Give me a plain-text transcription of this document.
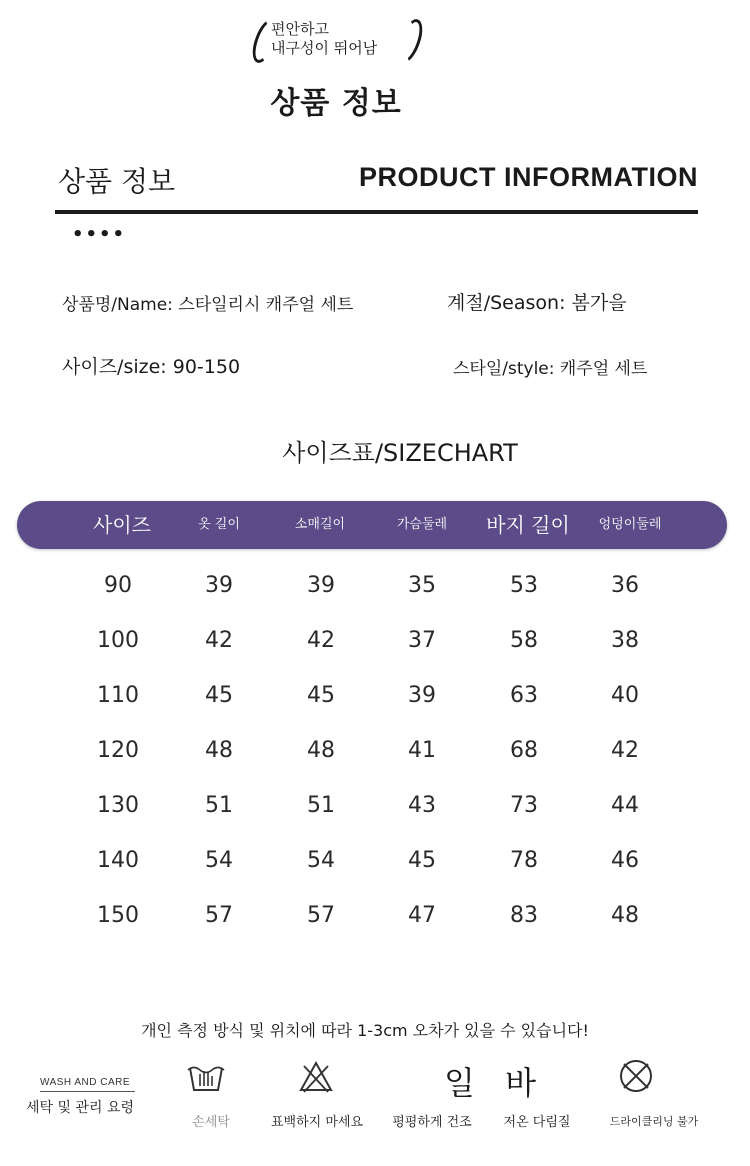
편안하고
내구성이 뛰어남
상품 정보
상품 정보	PRODUCT INFORMATION
••••
상품명/Name: 스타일리시 캐주얼 세트	계절/Season: 봄가을
사이즈/size: 90-150	스타일/style: 캐주얼 세트
사이즈표/SIZECHART
사이즈	옷 길이	소매길이	가슴둘레	바지 길이	엉덩이둘레
90	39	39	35	53	36
100	42	42	37	58	38
110	45	45	39	63	40
120	48	48	41	68	42
130	51	51	43	73	44
140	54	54	45	78	46
150	57	57	47	83	48
개인 측정 방식 및 위치에 따라 1-3cm 오차가 있을 수 있습니다!
WASH AND CARE
세탁 및 관리 요령
손세탁	표백하지 마세요
일 바
평평하게 건조	저온 다림질	드라이클리닝 불가
